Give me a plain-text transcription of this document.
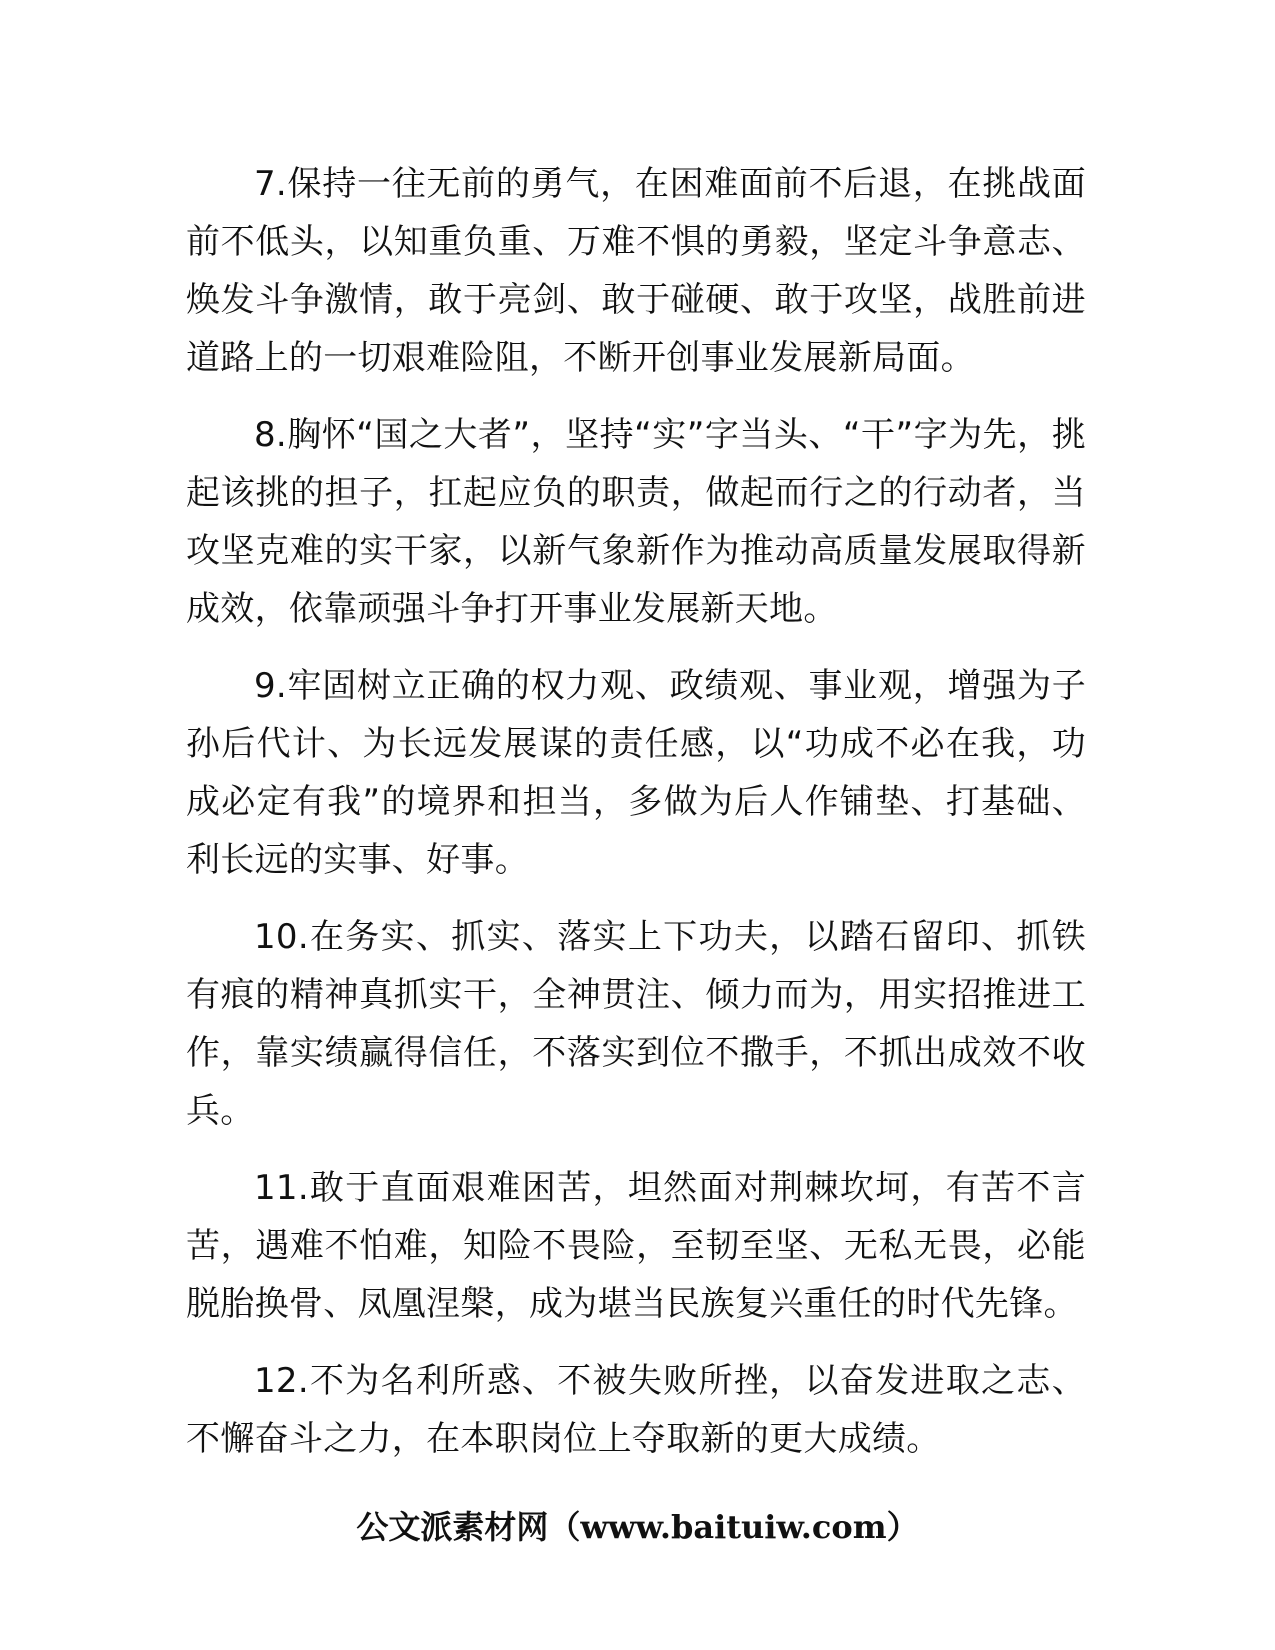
7.保持一往无前的勇气，在困难面前不后退，在挑战面前不低头，以知重负重、万难不惧的勇毅，坚定斗争意志、焕发斗争激情，敢于亮剑、敢于碰硬、敢于攻坚，战胜前进道路上的一切艰难险阻，不断开创事业发展新局面。

8.胸怀“国之大者”，坚持“实”字当头、“干”字为先，挑起该挑的担子，扛起应负的职责，做起而行之的行动者，当攻坚克难的实干家，以新气象新作为推动高质量发展取得新成效，依靠顽强斗争打开事业发展新天地。

9.牢固树立正确的权力观、政绩观、事业观，增强为子孙后代计、为长远发展谋的责任感，以“功成不必在我，功成必定有我”的境界和担当，多做为后人作铺垫、打基础、利长远的实事、好事。

10.在务实、抓实、落实上下功夫，以踏石留印、抓铁有痕的精神真抓实干，全神贯注、倾力而为，用实招推进工作，靠实绩赢得信任，不落实到位不撒手，不抓出成效不收兵。

11.敢于直面艰难困苦，坦然面对荆棘坎坷，有苦不言苦，遇难不怕难，知险不畏险，至韧至坚、无私无畏，必能脱胎换骨、凤凰涅槃，成为堪当民族复兴重任的时代先锋。

12.不为名利所惑、不被失败所挫，以奋发进取之志、不懈奋斗之力，在本职岗位上夺取新的更大成绩。

公文派素材网（www.baituiw.com）
